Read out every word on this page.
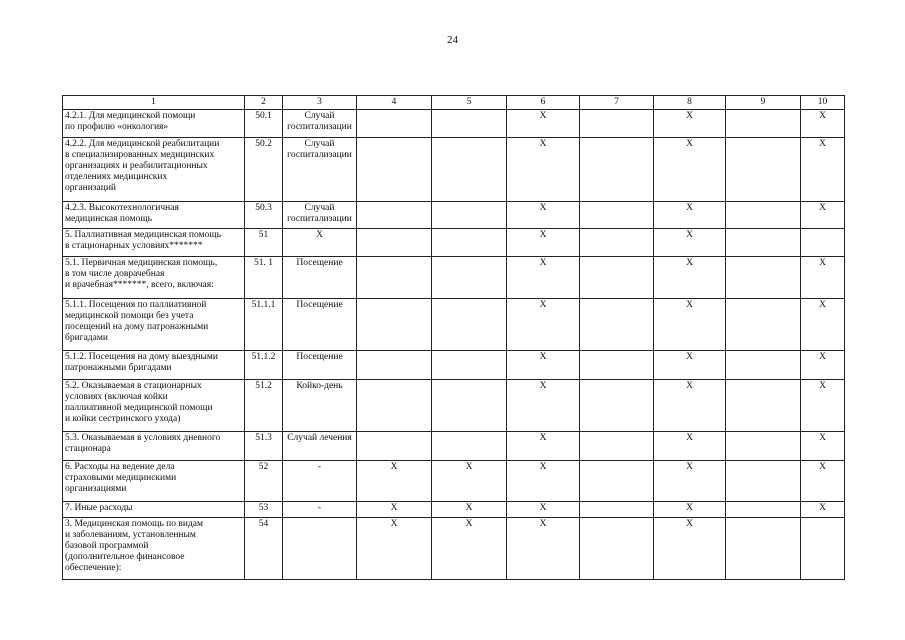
24
1	2	3	4	5	6	7	8	9	10
4.2.1. Для медицинской помощи
по профилю «онкология»	50.1	Случай госпитализации			X		X		X
4.2.2. Для медицинской реабилитации
в специализированных медицинских
организациях и реабилитационных
отделениях медицинских
организаций	50.2	Случай госпитализации			X		X		X
4.2.3. Высокотехнологичная
медицинская помощь	50.3	Случай госпитализации			X		X		X
5. Паллиативная медицинская помощь
в стационарных условиях*******	51	X			X		X		
5.1. Первичная медицинская помощь,
в том числе доврачебная
и врачебная*******, всего, включая:	51. 1	Посещение			X		X		X
5.1.1. Посещения по паллиативной
медицинской помощи без учета
посещений на дому патронажными
бригадами	51.1.1	Посещение			X		X		X
5.1.2. Посещения на дому выездными
патронажными бригадами	51.1.2	Посещение			X		X		X
5.2. Оказываемая в стационарных
условиях (включая койки
паллиативной медицинской помощи
и койки сестринского ухода)	51.2	Койко-день			X		X		X
5.3. Оказываемая в условиях дневного
стационара	51.3	Случай лечения			X		X		X
6. Расходы на ведение дела
страховыми медицинскими
организациями	52	-	X	X	X		X		X
7. Иные расходы	53	-	X	X	X		X		X
3. Медицинская помощь по видам
и заболеваниям, установленным
базовой программой
(дополнительное финансовое
обеспечение):	54		X	X	X		X		
